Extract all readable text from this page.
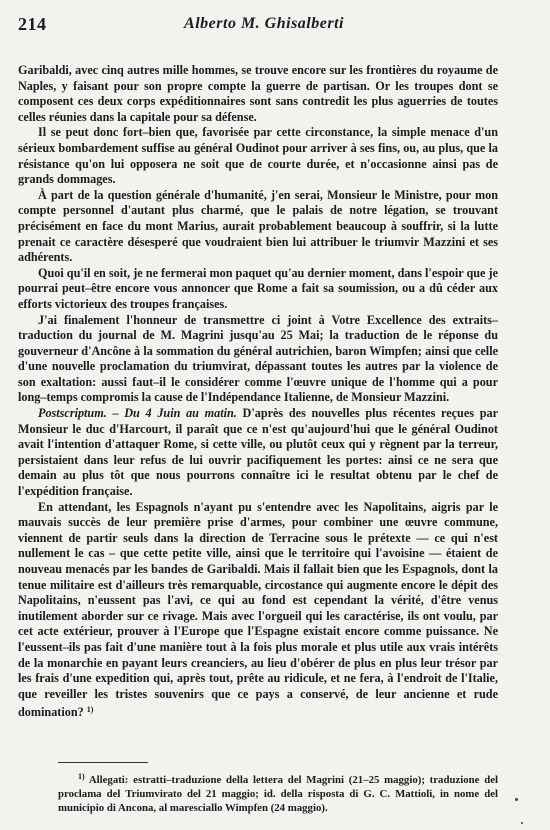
214	Alberto M. Ghisalberti

Garibaldi, avec cinq autres mille hommes, se trouve encore sur les frontières du royaume de Naples, y faisant pour son propre compte la guerre de partisan. Or les troupes dont se composent ces deux corps expéditionnaires sont sans contredit les plus aguerries de toutes celles réunies dans la capitale pour sa défense.

Il se peut donc fort–bien que, favorisée par cette circonstance, la simple menace d'un sérieux bombardement suffise au général Oudinot pour arriver à ses fins, ou, au plus, que la résistance qu'on lui opposera ne soit que de courte durée, et n'occasionne ainsi pas de grands dommages.

À part de la question générale d'humanité, j'en serai, Monsieur le Ministre, pour mon compte personnel d'autant plus charmé, que le palais de notre légation, se trouvant précisément en face du mont Marius, aurait probablement beaucoup à souffrir, si la lutte prenait ce caractère désesperé que voudraient bien lui attribuer le triumvir Mazzini et ses adhérents.

Quoi qu'il en soit, je ne fermerai mon paquet qu'au dernier moment, dans l'espoir que je pourrai peut–être encore vous annoncer que Rome a fait sa soumission, ou a dû céder aux efforts victorieux des troupes françaises.

J'ai finalement l'honneur de transmettre ci joint à Votre Excellence des extraits–traduction du journal de M. Magrini jusqu'au 25 Mai; la traduction de le réponse du gouverneur d'Ancône à la sommation du général autrichien, baron Wimpfen; ainsi que celle d'une nouvelle proclamation du triumvirat, dépassant toutes les autres par la violence de son exaltation: aussi faut–il le considérer comme l'œuvre unique de l'homme qui a pour long–temps compromis la cause de l'Indépendance Italienne, de Monsieur Mazzini.

Postscriptum. – Du 4 Juin au matin. D'après des nouvelles plus récentes reçues par Monsieur le duc d'Harcourt, il paraît que ce n'est qu'aujourd'hui que le général Oudinot avait l'intention d'attaquer Rome, si cette ville, ou plutôt ceux qui y règnent par la terreur, persistaient dans leur refus de lui ouvrir pacifiquement les portes: ainsi ce ne sera que demain au plus tôt que nous pourrons connaître ici le resultat obtenu par le chef de l'expédition française.

En attendant, les Espagnols n'ayant pu s'entendre avec les Napolitains, aigris par le mauvais succès de leur première prise d'armes, pour combiner une œuvre commune, viennent de partir seuls dans la direction de Terracine sous le prétexte — ce qui n'est nullement le cas – que cette petite ville, ainsi que le territoire qui l'avoisine — étaient de nouveau menacés par les bandes de Garibaldi. Mais il fallait bien que les Espagnols, dont la tenue militaire est d'ailleurs très remarquable, circostance qui augmente encore le dépit des Napolitains, n'eussent pas l'avi, ce qui au fond est cependant la vérité, d'être venus inutilement aborder sur ce rivage. Mais avec l'orgueil qui les caractérise, ils ont voulu, par cet acte extérieur, prouver à l'Europe que l'Espagne existait encore comme puissance. Ne l'eussent–ils pas fait d'une manière tout à la fois plus morale et plus utile aux vrais intérêts de la monarchie en payant leurs creanciers, au lieu d'obérer de plus en plus leur trésor par les frais d'une expedition qui, après tout, prête au ridicule, et ne fera, à l'endroit de l'Italie, que reveiller les tristes souvenirs que ce pays a conservé, de leur ancienne et rude domination? $^{1)}$

$^{1)}$ Allegati: estratti–traduzione della lettera del Magrini (21–25 maggio); traduzione del proclama del Triumvirato del 21 maggio; id. della risposta di G. C. Mattioli, in nome del municipio di Ancona, al maresciallo Wimpfen (24 maggio).
